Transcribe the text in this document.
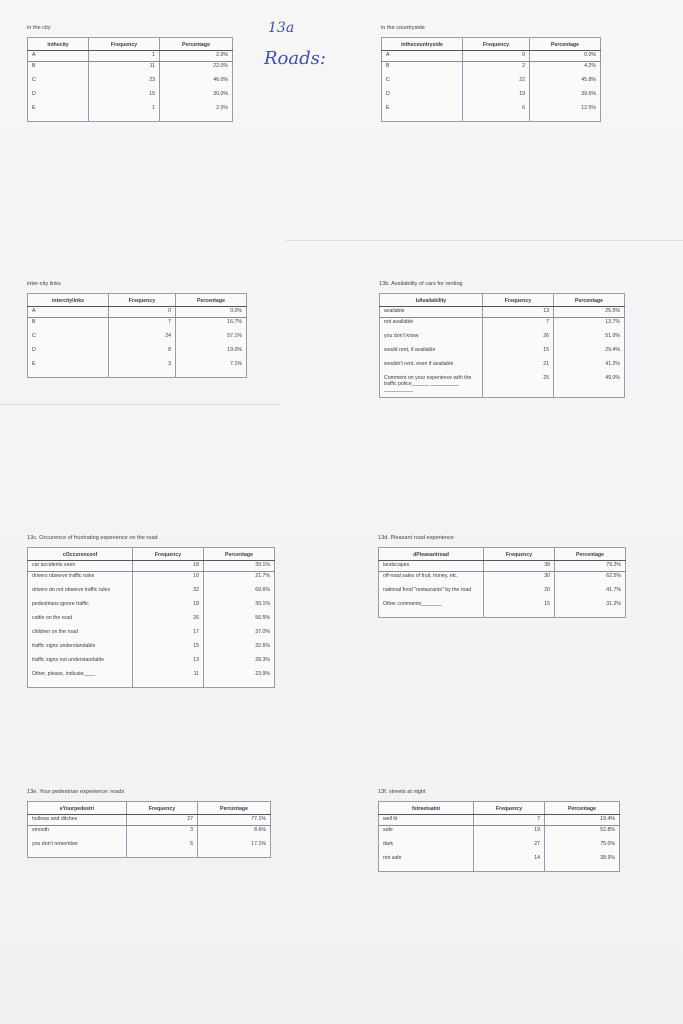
13a
Roads:
in the city
inthecity	Frequency	Percentage
A	1	2.0%
B	11	22.0%
C	23	46.0%
D	15	30.0%
E	1	2.0%
in the countryside
inthecountryside	Frequency	Percentage
A	0	0.0%
B	2	4.2%
C	22	45.8%
D	19	39.6%
E	6	12.5%
inter-city links
intercitylinks	Frequency	Percentage
A	0	0.0%
B	7	16.7%
C	24	57.1%
D	8	19.0%
E	3	7.1%
13b. Availability of cars for renting
bAvailability	Frequency	Percentage
available	13	25.5%
not available	7	13.7%
you don't know	26	51.0%
would rent, if available	15	29.4%
wouldn't rent, even if available	21	41.2%
Comment on your experience with the traffic police______ __________ __________	25	49.0%
13c. Occurence of frustrating experience on the road
cOccurenceof	Frequency	Percentage
car accidents seen	18	39.1%
drivers observe traffic rules	10	21.7%
drivers do not observe traffic rules	32	69.6%
pedestrians ignore traffic	18	39.1%
cattle on the road	26	56.5%
children on the road	17	37.0%
traffic signs understandable	15	32.6%
traffic signs not understandable	13	28.3%
Other, please, indicate____	11	23.9%
13d. Pleasant road experience
dPleasantroad	Frequency	Percentage
landscapes	38	79.2%
off-road sales of fruit, honey, etc.	30	62.5%
national food "restaurants" by the road	20	41.7%
Other comments_______	15	31.2%
13e. Your pedestrian experience: roads
eYourpedestri	Frequency	Percentage
hollows and ditches	27	77.1%
smooth	3	8.6%
you don't remember	6	17.1%
13f. streets at night
fstreetsatni	Frequency	Percentage
well lit	7	19.4%
safe	19	52.8%
dark	27	75.0%
not safe	14	38.9%
